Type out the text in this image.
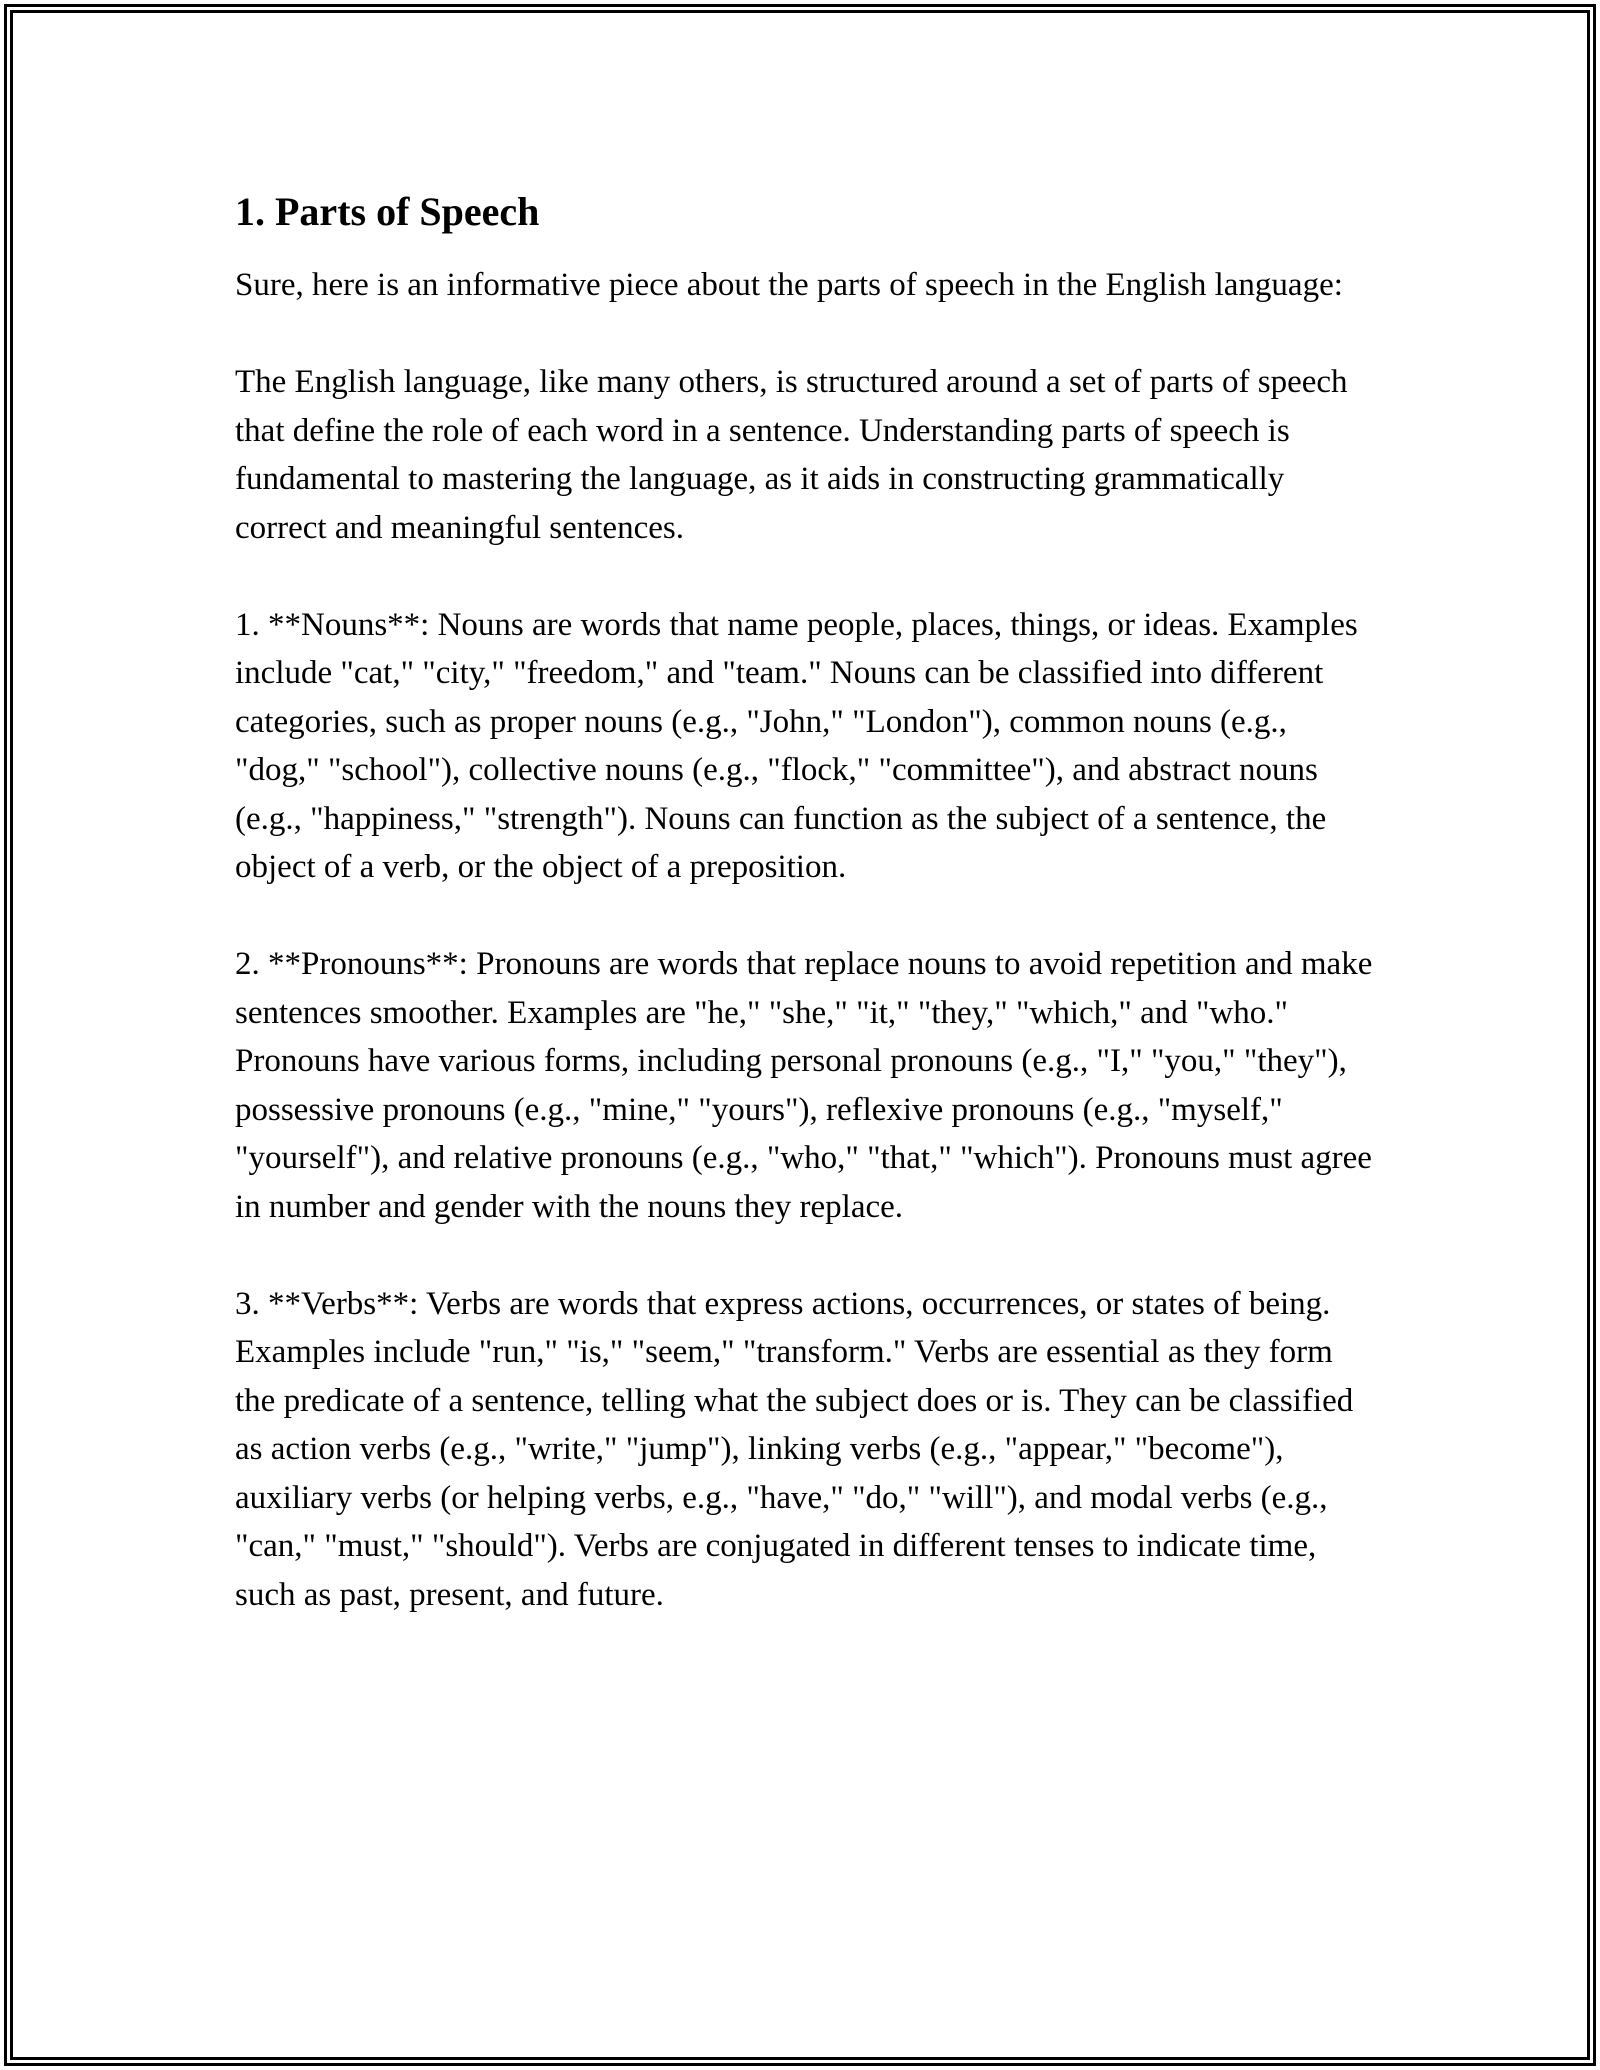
1. Parts of Speech

Sure, here is an informative piece about the parts of speech in the English language:

The English language, like many others, is structured around a set of parts of speech that define the role of each word in a sentence. Understanding parts of speech is fundamental to mastering the language, as it aids in constructing grammatically correct and meaningful sentences.

1. **Nouns**: Nouns are words that name people, places, things, or ideas. Examples include "cat," "city," "freedom," and "team." Nouns can be classified into different categories, such as proper nouns (e.g., "John," "London"), common nouns (e.g., "dog," "school"), collective nouns (e.g., "flock," "committee"), and abstract nouns (e.g., "happiness," "strength"). Nouns can function as the subject of a sentence, the object of a verb, or the object of a preposition.

2. **Pronouns**: Pronouns are words that replace nouns to avoid repetition and make sentences smoother. Examples are "he," "she," "it," "they," "which," and "who." Pronouns have various forms, including personal pronouns (e.g., "I," "you," "they"), possessive pronouns (e.g., "mine," "yours"), reflexive pronouns (e.g., "myself," "yourself"), and relative pronouns (e.g., "who," "that," "which"). Pronouns must agree in number and gender with the nouns they replace.

3. **Verbs**: Verbs are words that express actions, occurrences, or states of being. Examples include "run," "is," "seem," "transform." Verbs are essential as they form the predicate of a sentence, telling what the subject does or is. They can be classified as action verbs (e.g., "write," "jump"), linking verbs (e.g., "appear," "become"), auxiliary verbs (or helping verbs, e.g., "have," "do," "will"), and modal verbs (e.g., "can," "must," "should"). Verbs are conjugated in different tenses to indicate time, such as past, present, and future.
